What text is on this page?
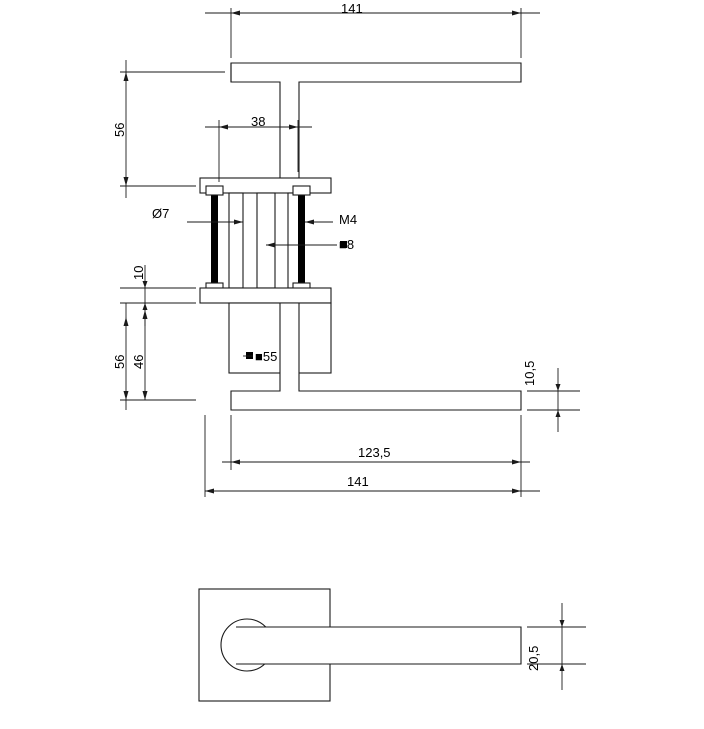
141
56
38
Ø7	M4
■8
10
56 46	■55
10,5
123,5
141
20,5
